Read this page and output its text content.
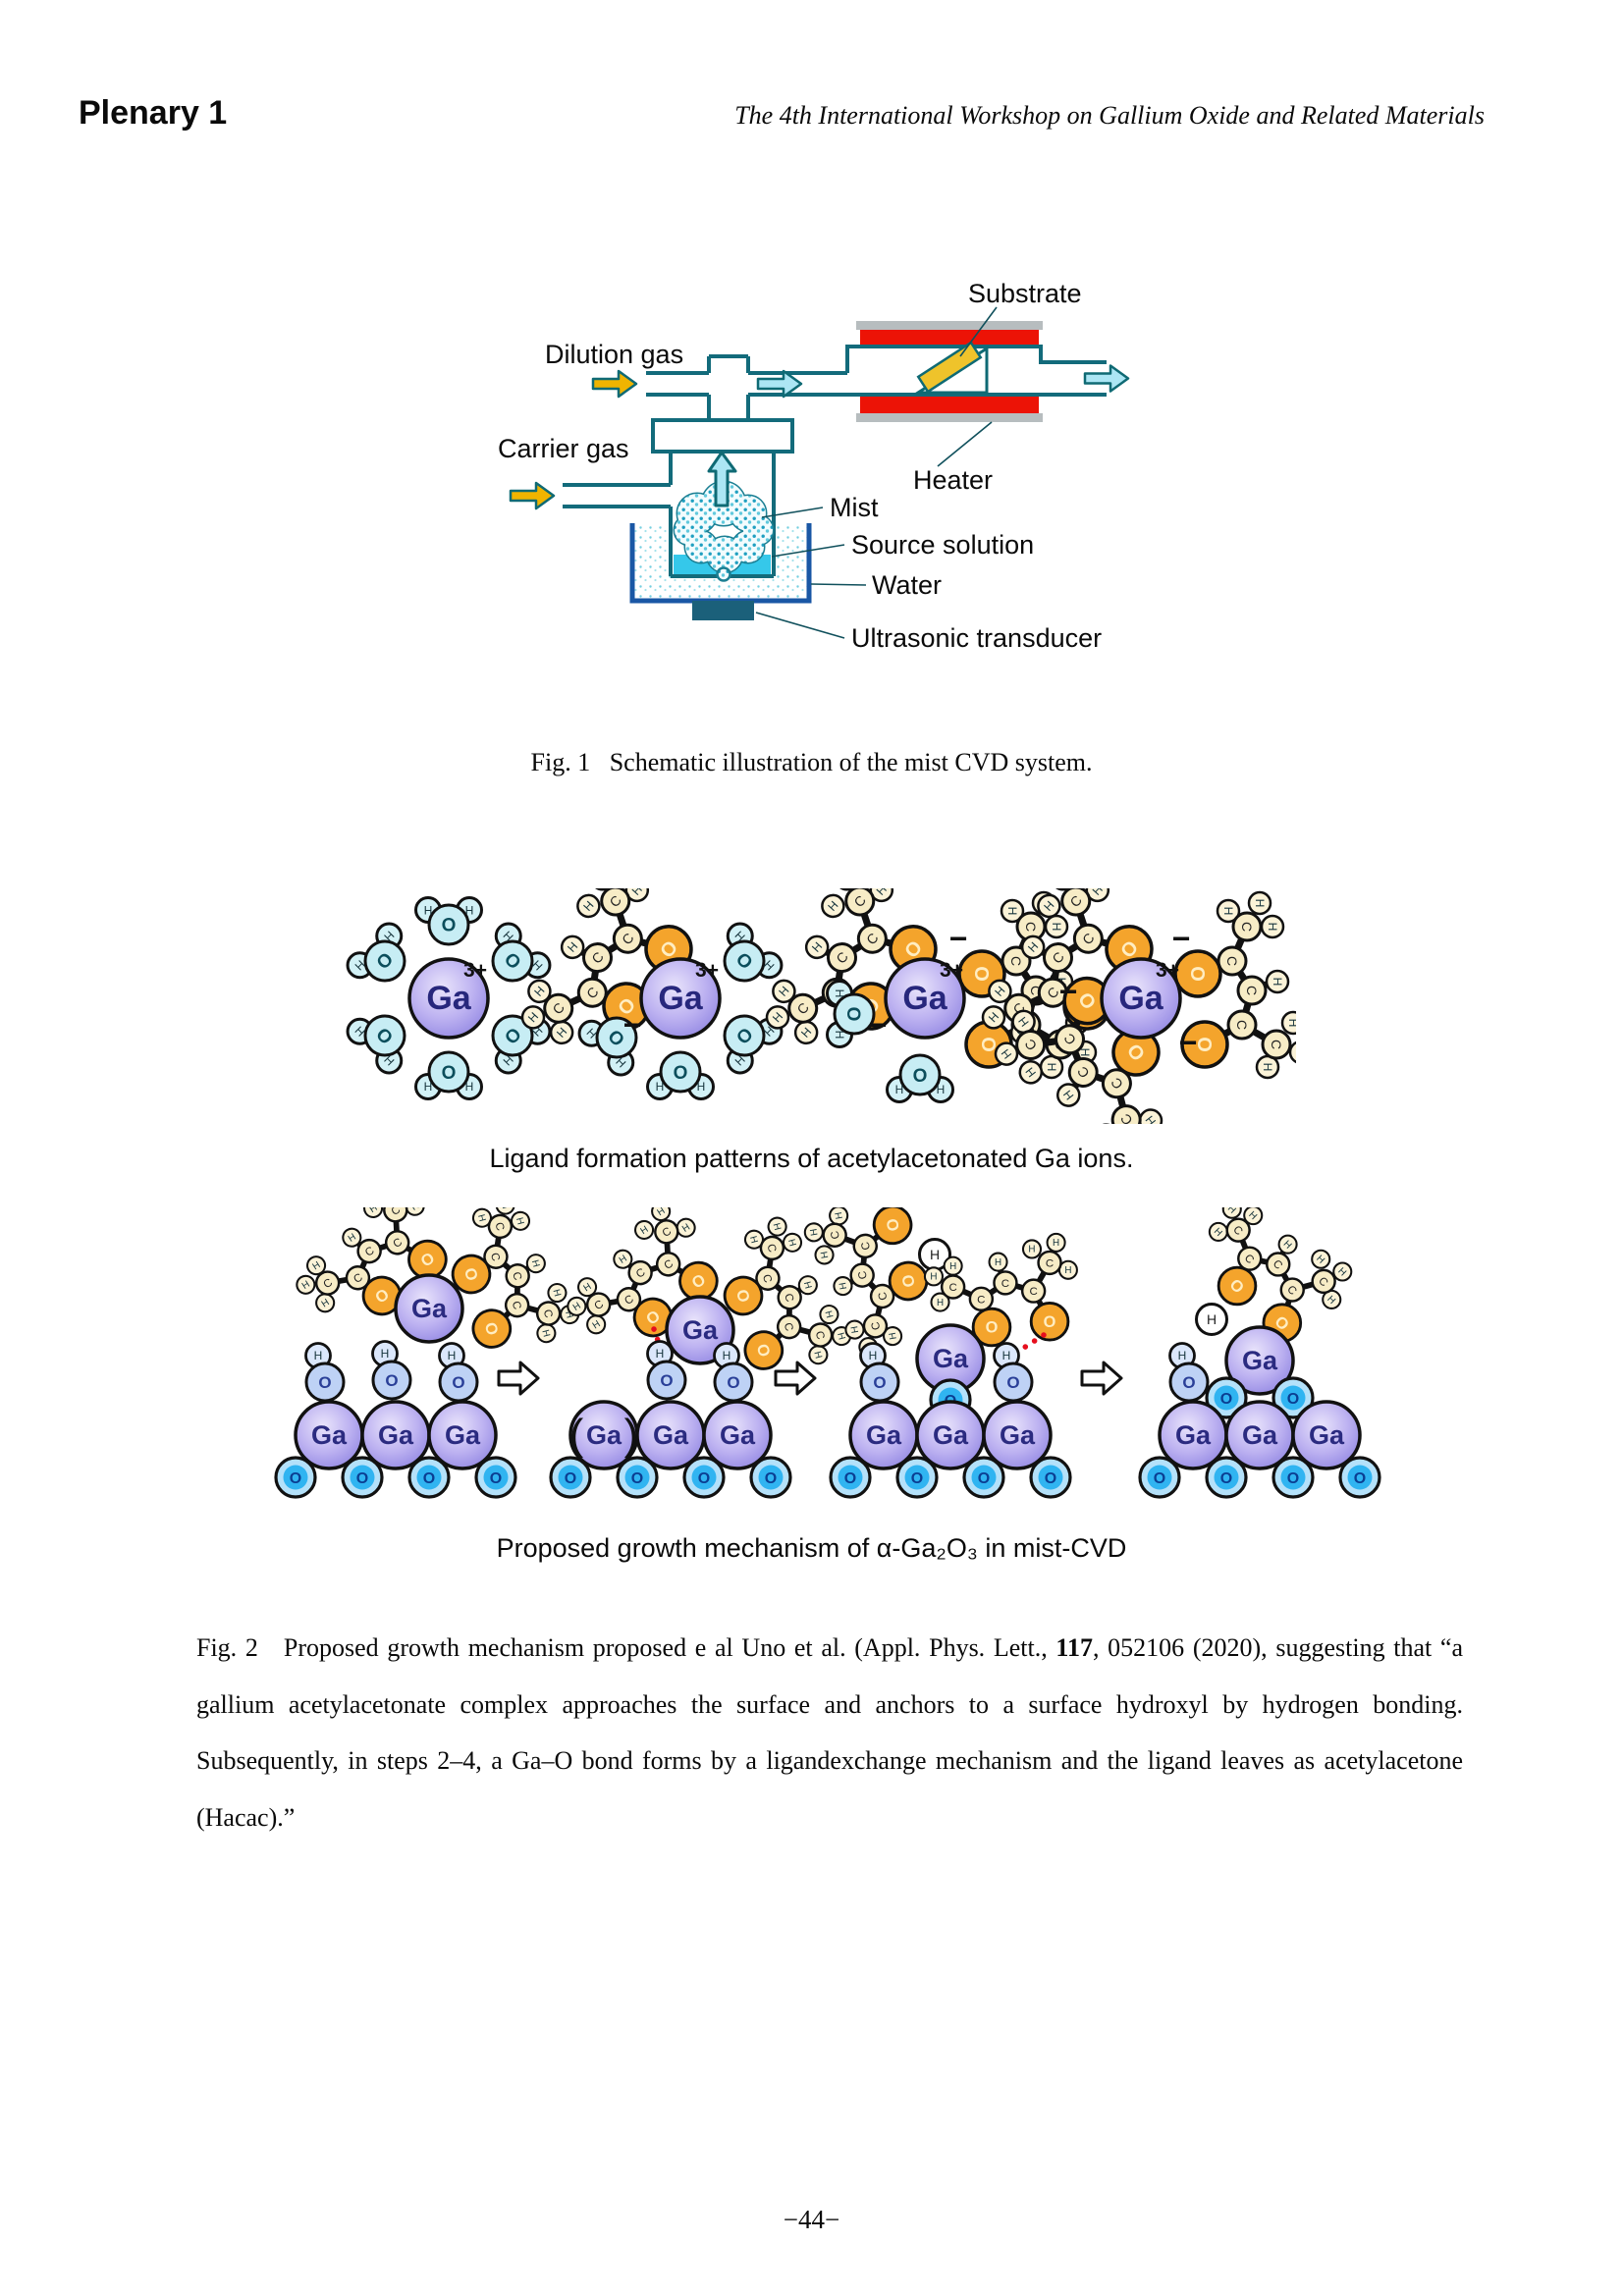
Plenary 1	The 4th International Workshop on Gallium Oxide and Related Materials
Substrate
Dilution gas
Carrier gas
Heater
Mist
Source solution
Water
Ultrasonic transducer
Fig. 1   Schematic illustration of the mist CVD system.
−	−
−
−
−
−
Ligand formation patterns of acetylacetonated Ga ions.
( )
Proposed growth mechanism of α-Ga₂O₃ in mist-CVD
Fig. 2   Proposed growth mechanism proposed e al Uno et al. (Appl. Phys. Lett., 117, 052106 (2020), suggesting that “a gallium acetylacetonate complex approaches the surface and anchors to a surface hydroxyl by hydrogen bonding. Subsequently, in steps 2–4, a Ga–O bond forms by a ligandexchange mechanism and the ligand leaves as acetylacetone (Hacac).”
−44−
